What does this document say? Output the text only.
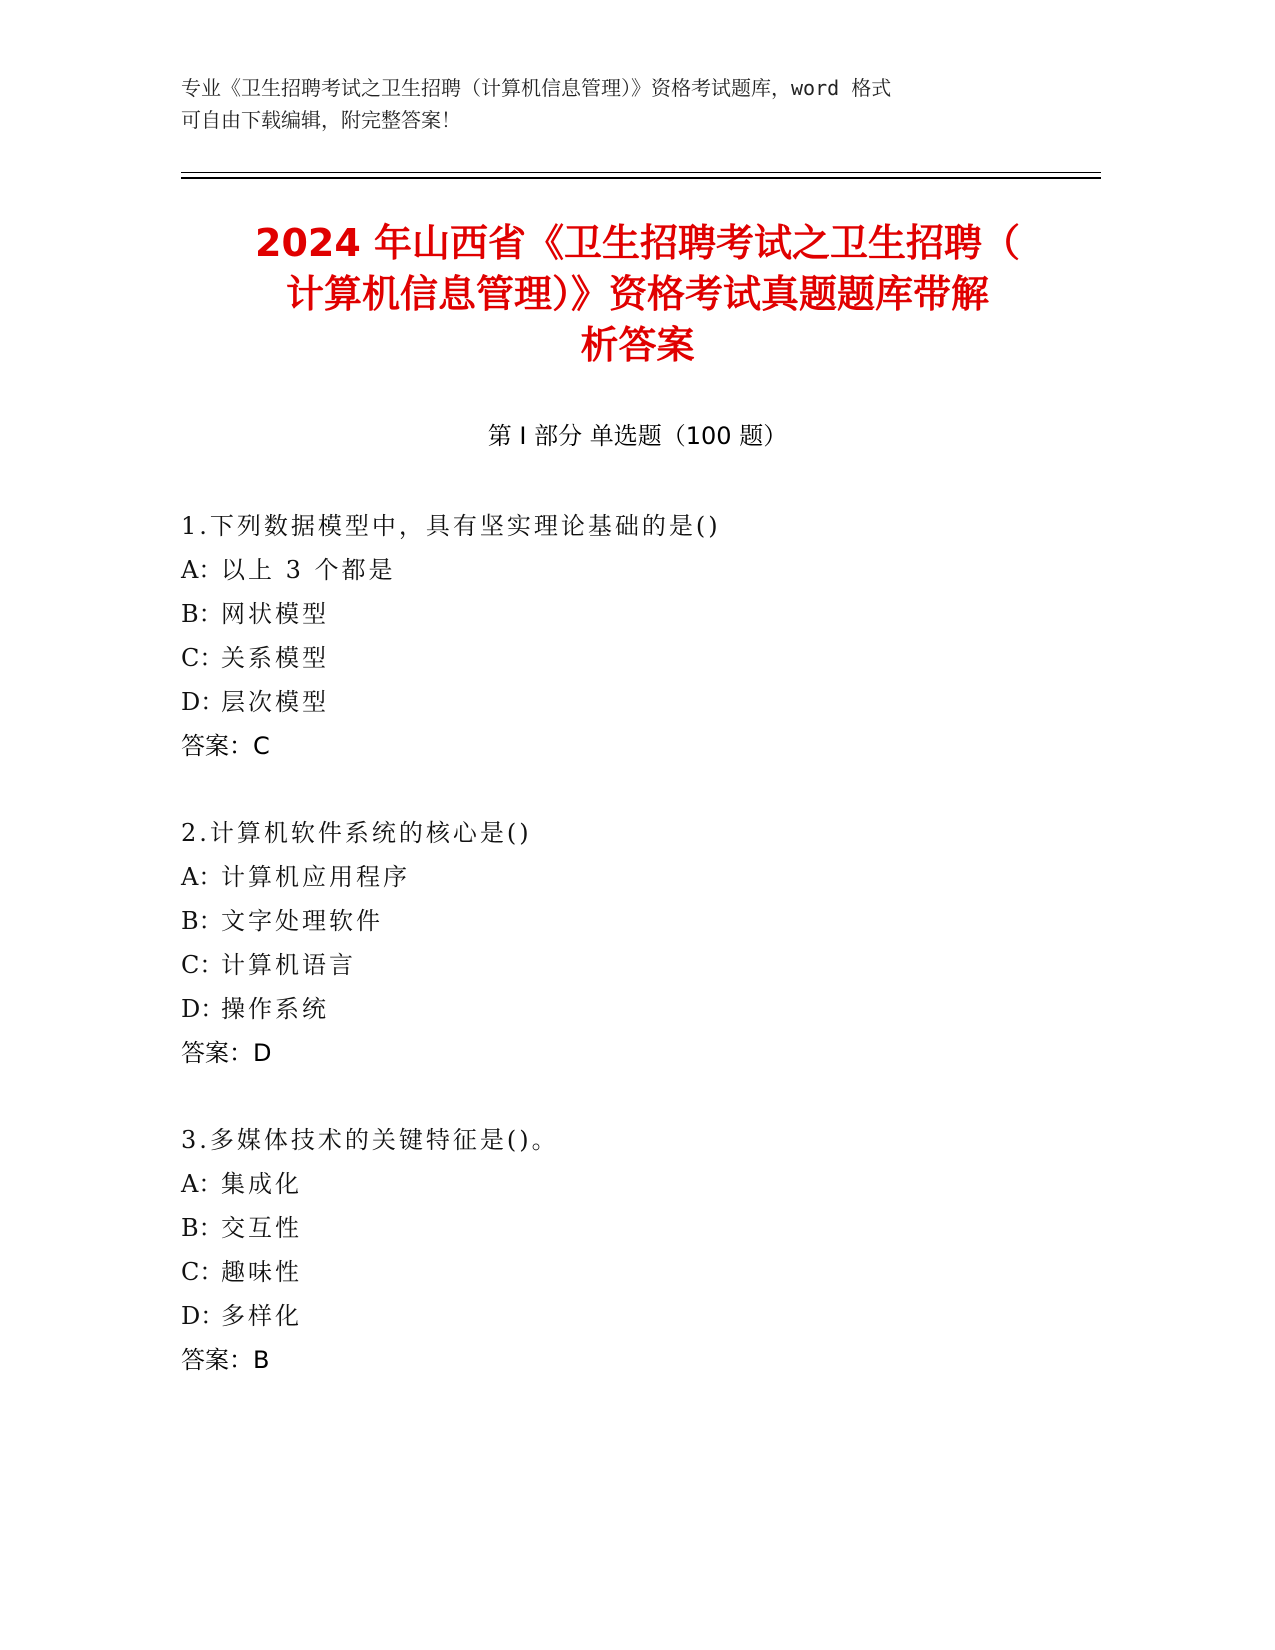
专业《卫生招聘考试之卫生招聘（计算机信息管理）》资格考试题库，word 格式
可自由下载编辑，附完整答案！
2024 年山西省《卫生招聘考试之卫生招聘（
计算机信息管理）》资格考试真题题库带解
析答案
第 I 部分 单选题（100 题）
1.下列数据模型中，具有坚实理论基础的是()
A：以上 3 个都是
B：网状模型
C：关系模型
D：层次模型
答案：C
2.计算机软件系统的核心是()
A：计算机应用程序
B：文字处理软件
C：计算机语言
D：操作系统
答案：D
3.多媒体技术的关键特征是()。
A：集成化
B：交互性
C：趣味性
D：多样化
答案：B
